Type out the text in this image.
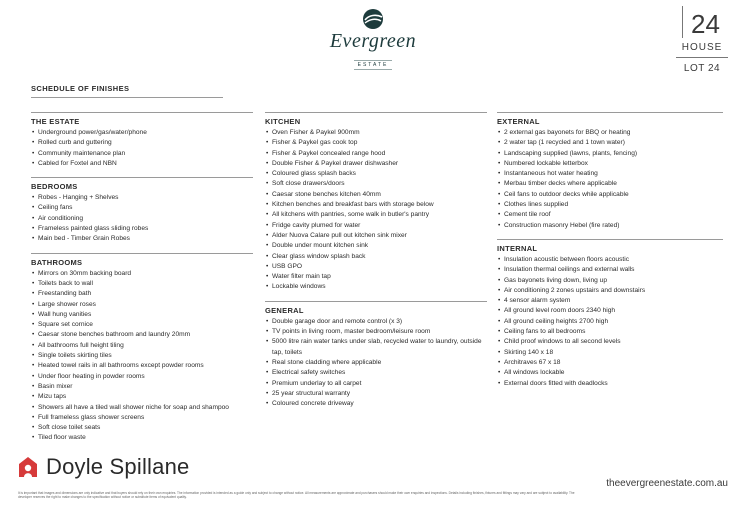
Evergreen
ESTATE
24
HOUSE
LOT 24
SCHEDULE OF FINISHES
THE ESTATE
• Underground power/gas/water/phone
• Rolled curb and guttering
• Community maintenance plan
• Cabled for Foxtel and NBN
BEDROOMS
• Robes - Hanging + Shelves
• Ceiling fans
• Air conditioning
• Frameless painted glass sliding robes
• Main bed - Timber Grain Robes
BATHROOMS
• Mirrors on 30mm backing board
• Toilets back to wall
• Freestanding bath
• Large shower roses
• Wall hung vanities
• Square set cornice
• Caesar stone benches bathroom and laundry 20mm
• All bathrooms full height tiling
• Single toilets skirting tiles
• Heated towel rails in all bathrooms except powder rooms
• Under floor heating in powder rooms
• Basin mixer
• Mizu taps
• Showers all have a tiled wall shower niche for soap and shampoo
• Full frameless glass shower screens
• Soft close toilet seats
• Tiled floor waste
KITCHEN
• Oven Fisher & Paykel 900mm
• Fisher & Paykel gas cook top
• Fisher & Paykel concealed range hood
• Double Fisher & Paykel drawer dishwasher
• Coloured glass splash backs
• Soft close drawers/doors
• Caesar stone benches kitchen 40mm
• Kitchen benches and breakfast bars with storage below
• All kitchens with pantries, some walk in butler's pantry
• Fridge cavity plumed for water
• Alder Nuova Calare pull out kitchen sink mixer
• Double under mount kitchen sink
• Clear glass window splash back
• USB GPO
• Water filter main tap
• Lockable windows
GENERAL
• Double garage door and remote control (x 3)
• TV points in living room, master bedroom/leisure room
• 5000 litre rain water tanks under slab, recycled water to laundry, outside tap, toilets
• Real stone cladding where applicable
• Electrical safety switches
• Premium underlay to all carpet
• 25 year structural warranty
• Coloured concrete driveway
EXTERNAL
• 2 external gas bayonets for BBQ or heating
• 2 water tap (1 recycled and 1 town water)
• Landscaping supplied (lawns, plants, fencing)
• Numbered lockable letterbox
• Instantaneous hot water heating
• Merbau timber decks where applicable
• Ceil fans to outdoor decks while applicable
• Clothes lines supplied
• Cement tile roof
• Construction masonry Hebel (fire rated)
INTERNAL
• Insulation acoustic between floors acoustic
• Insulation thermal ceilings and external walls
• Gas bayonets living down, living up
• Air conditioning 2 zones upstairs and downstairs
• 4 sensor alarm system
• All ground level room doors 2340 high
• All ground ceiling heights 2700 high
• Ceiling fans to all bedrooms
• Child proof windows to all second levels
• Skirting 140 x 18
• Architraves 67 x 18
• All windows lockable
• External doors fitted with deadlocks
Doyle Spillane
theevergreenestate.com.au
It is important that images and dimensions are only indicative and that buyers should rely on their own enquiries. The information provided is intended as a guide only and subject to change without notice. All measurements are approximate and purchasers should make their own enquiries and inspections. Details including finishes, fixtures and fittings may vary and are subject to availability. The developer reserves the right to make changes to the specification without notice or substitute items of equivalent quality.
